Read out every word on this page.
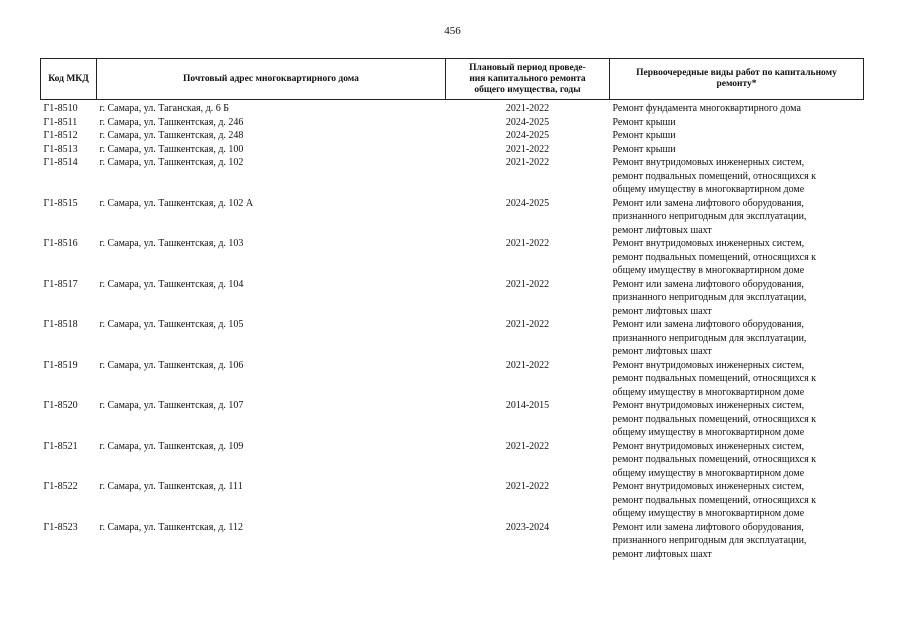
456
Код МКД	Почтовый адрес многоквартирного дома	Плановый период проведе-
ния капитального ремонта
общего имущества, годы	Первоочередные виды работ по капитальному
ремонту*

Г1-8510	г. Самара, ул. Таганская, д. 6 Б	2021-2022	Ремонт фундамента многоквартирного дома

Г1-8511	г. Самара, ул. Ташкентская, д. 246	2024-2025	Ремонт крыши

Г1-8512	г. Самара, ул. Ташкентская, д. 248	2024-2025	Ремонт крыши

Г1-8513	г. Самара, ул. Ташкентская, д. 100	2021-2022	Ремонт крыши

Г1-8514	г. Самара, ул. Ташкентская, д. 102	2021-2022	Ремонт внутридомовых инженерных систем,
ремонт подвальных помещений, относящихся к
общему имуществу в многоквартирном доме

Г1-8515	г. Самара, ул. Ташкентская, д. 102 А	2024-2025	Ремонт или замена лифтового оборудования,
признанного непригодным для эксплуатации,
ремонт лифтовых шахт

Г1-8516	г. Самара, ул. Ташкентская, д. 103	2021-2022	Ремонт внутридомовых инженерных систем,
ремонт подвальных помещений, относящихся к
общему имуществу в многоквартирном доме

Г1-8517	г. Самара, ул. Ташкентская, д. 104	2021-2022	Ремонт или замена лифтового оборудования,
признанного непригодным для эксплуатации,
ремонт лифтовых шахт

Г1-8518	г. Самара, ул. Ташкентская, д. 105	2021-2022	Ремонт или замена лифтового оборудования,
признанного непригодным для эксплуатации,
ремонт лифтовых шахт

Г1-8519	г. Самара, ул. Ташкентская, д. 106	2021-2022	Ремонт внутридомовых инженерных систем,
ремонт подвальных помещений, относящихся к
общему имуществу в многоквартирном доме

Г1-8520	г. Самара, ул. Ташкентская, д. 107	2014-2015	Ремонт внутридомовых инженерных систем,
ремонт подвальных помещений, относящихся к
общему имуществу в многоквартирном доме

Г1-8521	г. Самара, ул. Ташкентская, д. 109	2021-2022	Ремонт внутридомовых инженерных систем,
ремонт подвальных помещений, относящихся к
общему имуществу в многоквартирном доме

Г1-8522	г. Самара, ул. Ташкентская, д. 111	2021-2022	Ремонт внутридомовых инженерных систем,
ремонт подвальных помещений, относящихся к
общему имуществу в многоквартирном доме

Г1-8523	г. Самара, ул. Ташкентская, д. 112	2023-2024	Ремонт или замена лифтового оборудования,
признанного непригодным для эксплуатации,
ремонт лифтовых шахт
